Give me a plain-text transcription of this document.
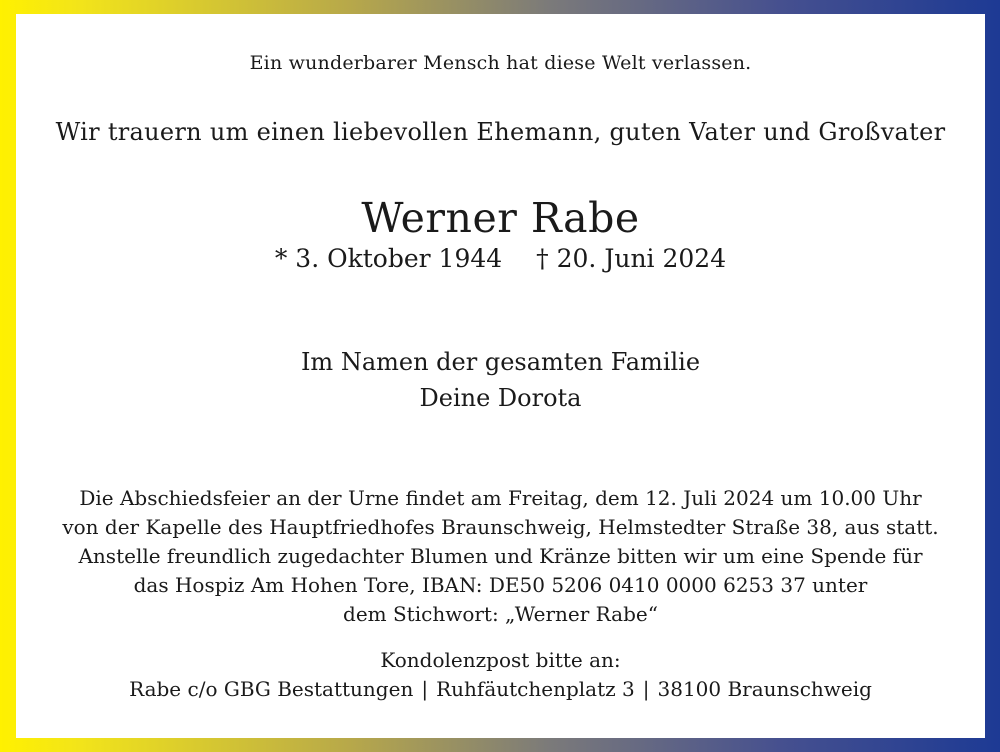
Ein wunderbarer Mensch hat diese Welt verlassen.
Wir trauern um einen liebevollen Ehemann, guten Vater und Großvater
Werner Rabe
* 3. Oktober 1944 † 20. Juni 2024
Im Namen der gesamten Familie
Deine Dorota
Die Abschiedsfeier an der Urne findet am Freitag, dem 12. Juli 2024 um 10.00 Uhr
von der Kapelle des Hauptfriedhofes Braunschweig, Helmstedter Straße 38, aus statt.
Anstelle freundlich zugedachter Blumen und Kränze bitten wir um eine Spende für
das Hospiz Am Hohen Tore, IBAN: DE50 5206 0410 0000 6253 37 unter
dem Stichwort: „Werner Rabe“
Kondolenzpost bitte an:
Rabe c/o GBG Bestattungen | Ruhfäutchenplatz 3 | 38100 Braunschweig
